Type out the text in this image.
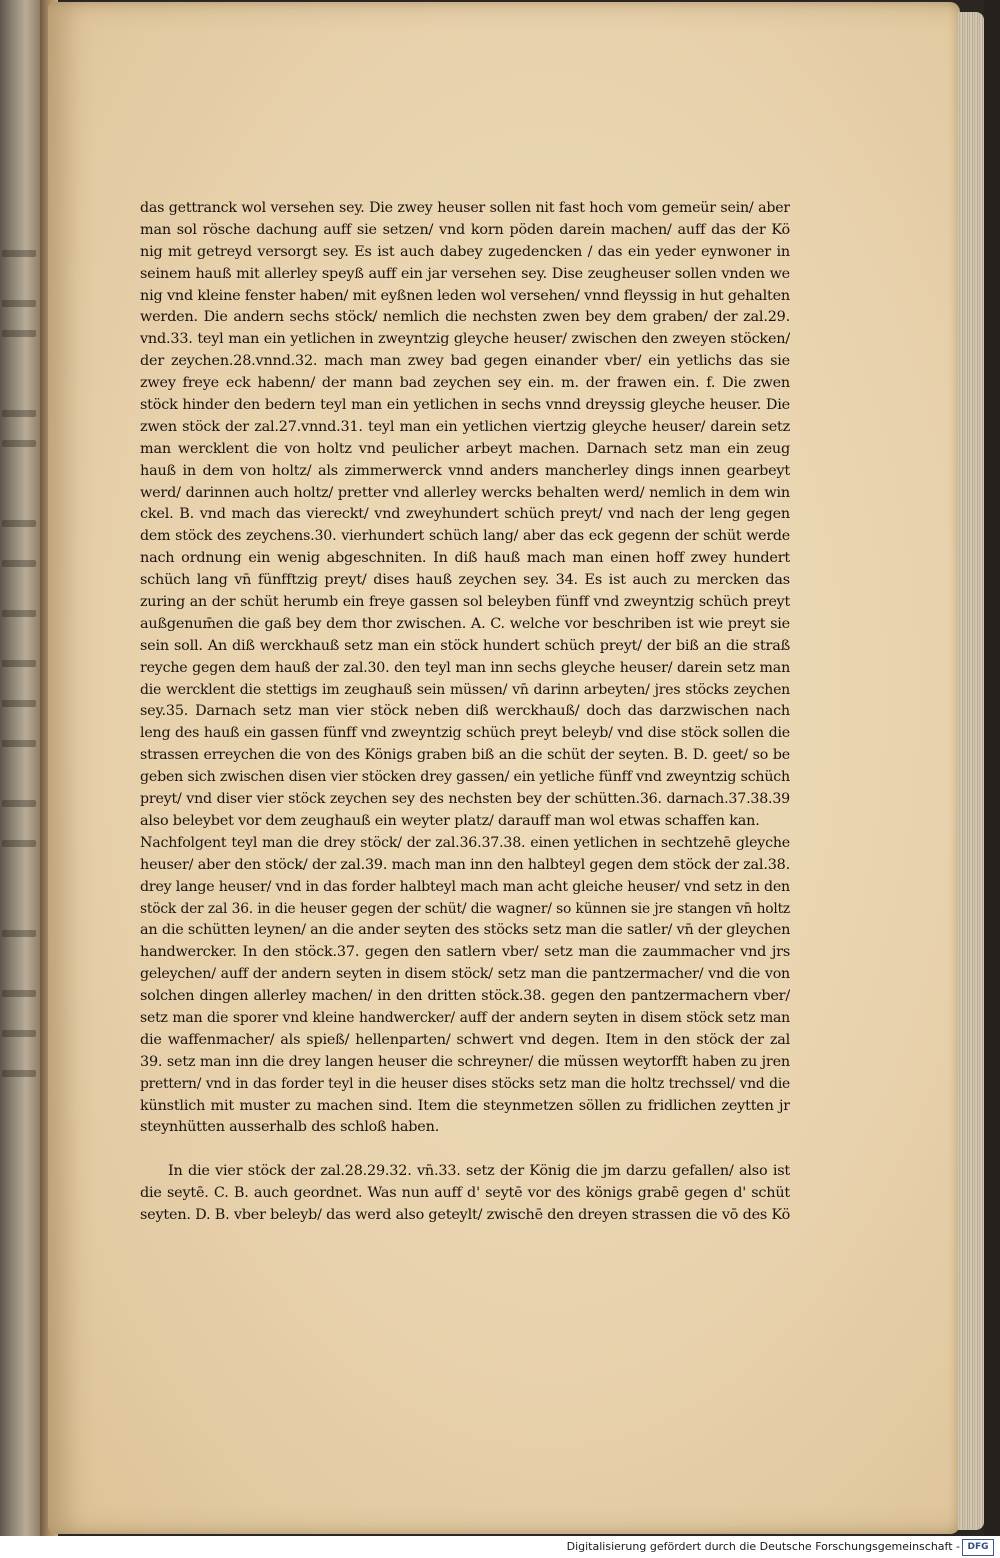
das gettranck wol versehen sey. Die zwey heuser sollen nit fast hoch vom gemeür sein/ aber
man sol rösche dachung auff sie setzen/ vnd korn pöden darein machen/ auff das der Kö
nig mit getreyd versorgt sey. Es ist auch dabey zugedencken / das ein yeder eynwoner in
seinem hauß mit allerley speyß auff ein jar versehen sey. Dise zeugheuser sollen vnden we
nig vnd kleine fenster haben/ mit eyßnen leden wol versehen/ vnnd fleyssig in hut gehalten
werden. Die andern sechs stöck/ nemlich die nechsten zwen bey dem graben/ der zal.29.
vnd.33. teyl man ein yetlichen in zweyntzig gleyche heuser/ zwischen den zweyen stöcken/
der zeychen.28.vnnd.32. mach man zwey bad gegen einander vber/ ein yetlichs das sie
zwey freye eck habenn/ der mann bad zeychen sey ein. m. der frawen ein. f. Die zwen
stöck hinder den bedern teyl man ein yetlichen in sechs vnnd dreyssig gleyche heuser. Die
zwen stöck der zal.27.vnnd.31. teyl man ein yetlichen viertzig gleyche heuser/ darein setz
man wercklent die von holtz vnd peulicher arbeyt machen. Darnach setz man ein zeug
hauß in dem von holtz/ als zimmerwerck vnnd anders mancherley dings innen gearbeyt
werd/ darinnen auch holtz/ pretter vnd allerley wercks behalten werd/ nemlich in dem win
ckel. B. vnd mach das viereckt/ vnd zweyhundert schüch preyt/ vnd nach der leng gegen
dem stöck des zeychens.30. vierhundert schüch lang/ aber das eck gegenn der schüt werde
nach ordnung ein wenig abgeschniten. In diß hauß mach man einen hoff zwey hundert
schüch lang vn̄ fünfftzig preyt/ dises hauß zeychen sey. 34. Es ist auch zu mercken das
zuring an der schüt herumb ein freye gassen sol beleyben fünff vnd zweyntzig schüch preyt
außgenum̄en die gaß bey dem thor zwischen. A. C. welche vor beschriben ist wie preyt sie
sein soll. An diß werckhauß setz man ein stöck hundert schüch preyt/ der biß an die straß
reyche gegen dem hauß der zal.30. den teyl man inn sechs gleyche heuser/ darein setz man
die wercklent die stettigs im zeughauß sein müssen/ vn̄ darinn arbeyten/ jres stöcks zeychen
sey.35. Darnach setz man vier stöck neben diß werckhauß/ doch das darzwischen nach
leng des hauß ein gassen fünff vnd zweyntzig schüch preyt beleyb/ vnd dise stöck sollen die
strassen erreychen die von des Königs graben biß an die schüt der seyten. B. D. geet/ so be
geben sich zwischen disen vier stöcken drey gassen/ ein yetliche fünff vnd zweyntzig schüch
preyt/ vnd diser vier stöck zeychen sey des nechsten bey der schütten.36. darnach.37.38.39
also beleybet vor dem zeughauß ein weyter platz/ darauff man wol etwas schaffen kan.
Nachfolgent teyl man die drey stöck/ der zal.36.37.38. einen yetlichen in sechtzehē gleyche
heuser/ aber den stöck/ der zal.39. mach man inn den halbteyl gegen dem stöck der zal.38.
drey lange heuser/ vnd in das forder halbteyl mach man acht gleiche heuser/ vnd setz in den
stöck der zal 36. in die heuser gegen der schüt/ die wagner/ so künnen sie jre stangen vn̄ holtz
an die schütten leynen/ an die ander seyten des stöcks setz man die satler/ vn̄ der gleychen
handwercker. In den stöck.37. gegen den satlern vber/ setz man die zaummacher vnd jrs
geleychen/ auff der andern seyten in disem stöck/ setz man die pantzermacher/ vnd die von
solchen dingen allerley machen/ in den dritten stöck.38. gegen den pantzermachern vber/
setz man die sporer vnd kleine handwercker/ auff der andern seyten in disem stöck setz man
die waffenmacher/ als spieß/ hellenparten/ schwert vnd degen. Item in den stöck der zal
39. setz man inn die drey langen heuser die schreyner/ die müssen weytorfft haben zu jren
prettern/ vnd in das forder teyl in die heuser dises stöcks setz man die holtz trechssel/ vnd die
künstlich mit muster zu machen sind. Item die steynmetzen söllen zu fridlichen zeytten jr
steynhütten ausserhalb des schloß haben.
In die vier stöck der zal.28.29.32. vn̄.33. setz der König die jm darzu gefallen/ also ist
die seytē. C. B. auch geordnet. Was nun auff d' seytē vor des königs grabē gegen d' schüt
seyten. D. B. vber beleyb/ das werd also geteylt/ zwischē den dreyen strassen die vō des Kö
Digitalisierung gefördert durch die Deutsche Forschungsgemeinschaft - DFG
